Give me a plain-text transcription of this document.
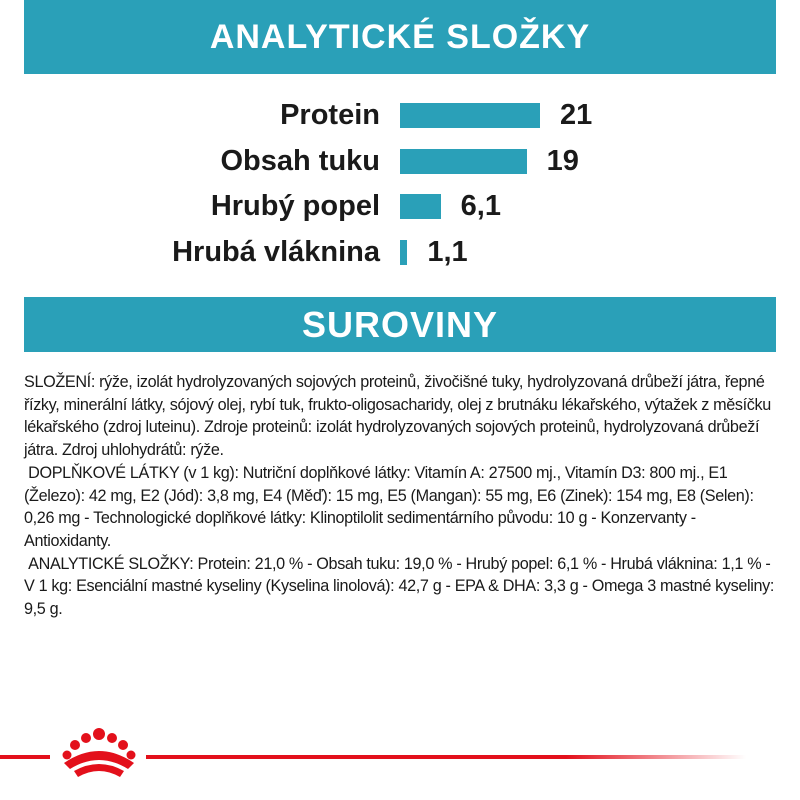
ANALYTICKÉ SLOŽKY
Protein	21
Obsah tuku	19
Hrubý popel	6,1
Hrubá vláknina 1,1
SUROVINY
SLOŽENÍ: rýže, izolát hydrolyzovaných sojových proteinů, živočišné tuky, hydrolyzovaná drůbeží játra, řepné řízky, minerální látky, sójový olej, rybí tuk, frukto-oligosacharidy, olej z brutnáku lékařského, výtažek z měsíčku lékařského (zdroj luteinu). Zdroje proteinů: izolát hydrolyzovaných sojových proteinů, hydrolyzovaná drůbeží játra. Zdroj uhlohydrátů: rýže.
DOPLŇKOVÉ LÁTKY (v 1 kg): Nutriční doplňkové látky: Vitamín A: 27500 mj., Vitamín D3: 800 mj., E1 (Železo): 42 mg, E2 (Jód): 3,8 mg, E4 (Měď): 15 mg, E5 (Mangan): 55 mg, E6 (Zinek): 154 mg, E8 (Selen): 0,26 mg - Technologické doplňkové látky: Klinoptilolit sedimentárního původu: 10 g - Konzervanty - Antioxidanty.
ANALYTICKÉ SLOŽKY: Protein: 21,0 % - Obsah tuku: 19,0 % - Hrubý popel: 6,1 % - Hrubá vláknina: 1,1 % - V 1 kg: Esenciální mastné kyseliny (Kyselina linolová): 42,7 g - EPA & DHA: 3,3 g - Omega 3 mastné kyseliny: 9,5 g.
